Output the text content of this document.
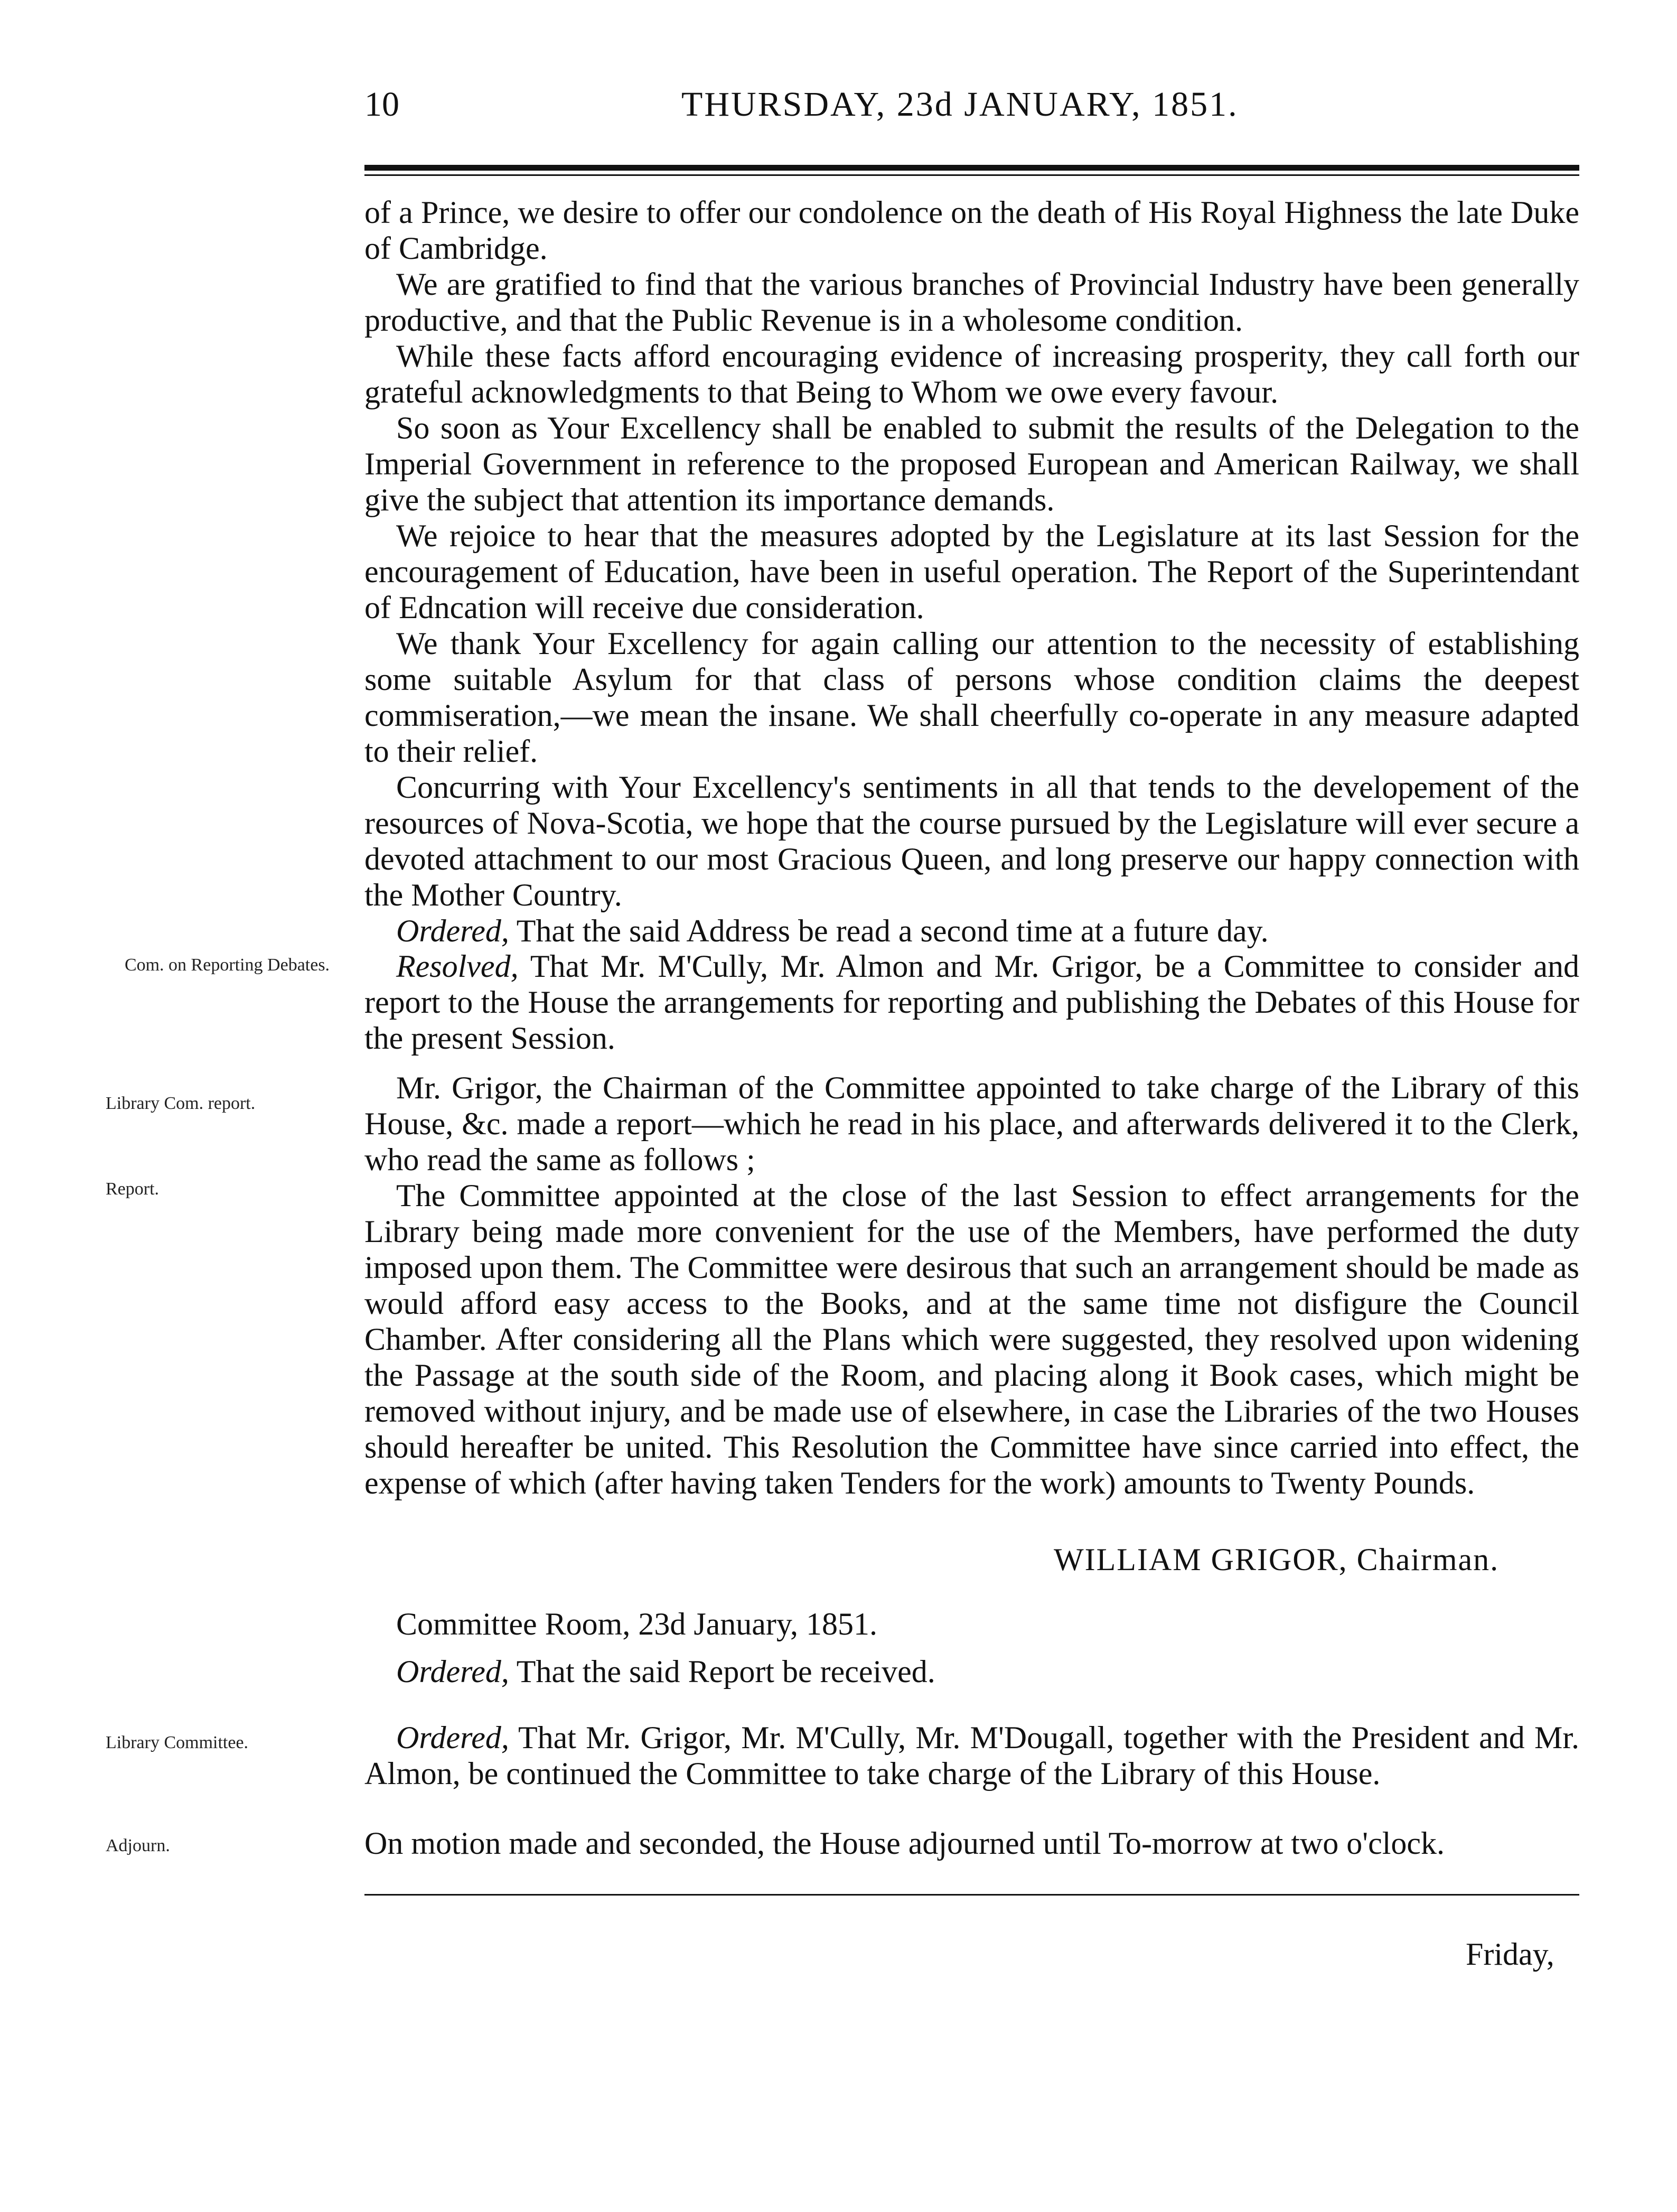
10	THURSDAY, 23d JANUARY, 1851.

of a Prince, we desire to offer our condolence on the death of His Royal Highness the late Duke of Cambridge.

We are gratified to find that the various branches of Provincial Industry have been generally productive, and that the Public Revenue is in a wholesome condition.

While these facts afford encouraging evidence of increasing prosperity, they call forth our grateful acknowledgments to that Being to Whom we owe every favour.

So soon as Your Excellency shall be enabled to submit the results of the Delegation to the Imperial Government in reference to the proposed European and American Railway, we shall give the subject that attention its importance demands.

We rejoice to hear that the measures adopted by the Legislature at its last Session for the encouragement of Education, have been in useful operation. The Report of the Superintendant of Edncation will receive due consideration.

We thank Your Excellency for again calling our attention to the necessity of establishing some suitable Asylum for that class of persons whose condition claims the deepest commiseration,—we mean the insane. We shall cheerfully co-operate in any measure adapted to their relief.

Concurring with Your Excellency's sentiments in all that tends to the developement of the resources of Nova-Scotia, we hope that the course pursued by the Legislature will ever secure a devoted attachment to our most Gracious Queen, and long preserve our happy connection with the Mother Country.

Ordered, That the said Address be read a second time at a future day.

Com. on Reporting Debates.	Resolved, That Mr. M'Cully, Mr. Almon and Mr. Grigor, be a Committee to consider and report to the House the arrangements for reporting and publishing the Debates of this House for the present Session.

Library Com. report.	Mr. Grigor, the Chairman of the Committee appointed to take charge of the Library of this House, &c. made a report—which he read in his place, and afterwards delivered it to the Clerk, who read the same as follows ;

The Committee appointed at the close of the last Session to effect arrangements for the Library being made more convenient for the use of the Members, have performed the duty imposed upon them. The Committee were desirous that such an arrangement should be made as would afford easy access to the Books, and at the same time not disfigure the Council Chamber. After considering all the Plans which were suggested, they resolved upon widening the Passage at the south side of the Room, and placing along it Book cases, which might be removed without injury, and be made use of elsewhere, in case the Libraries of the two Houses should hereafter be united. This Resolution the Committee have since carried into effect, the expense of which (after having taken Tenders for the work) amounts to Twenty Pounds.

Report.
WILLIAM GRIGOR, Chairman.
Committee Room, 23d January, 1851.
Ordered, That the said Report be received.
Library Committee.	Ordered, That Mr. Grigor, Mr. M'Cully, Mr. M'Dougall, together with the President and Mr. Almon, be continued the Committee to take charge of the Library of this House.

Adjourn.	On motion made and seconded, the House adjourned until To-morrow at two o'clock.

Friday,
